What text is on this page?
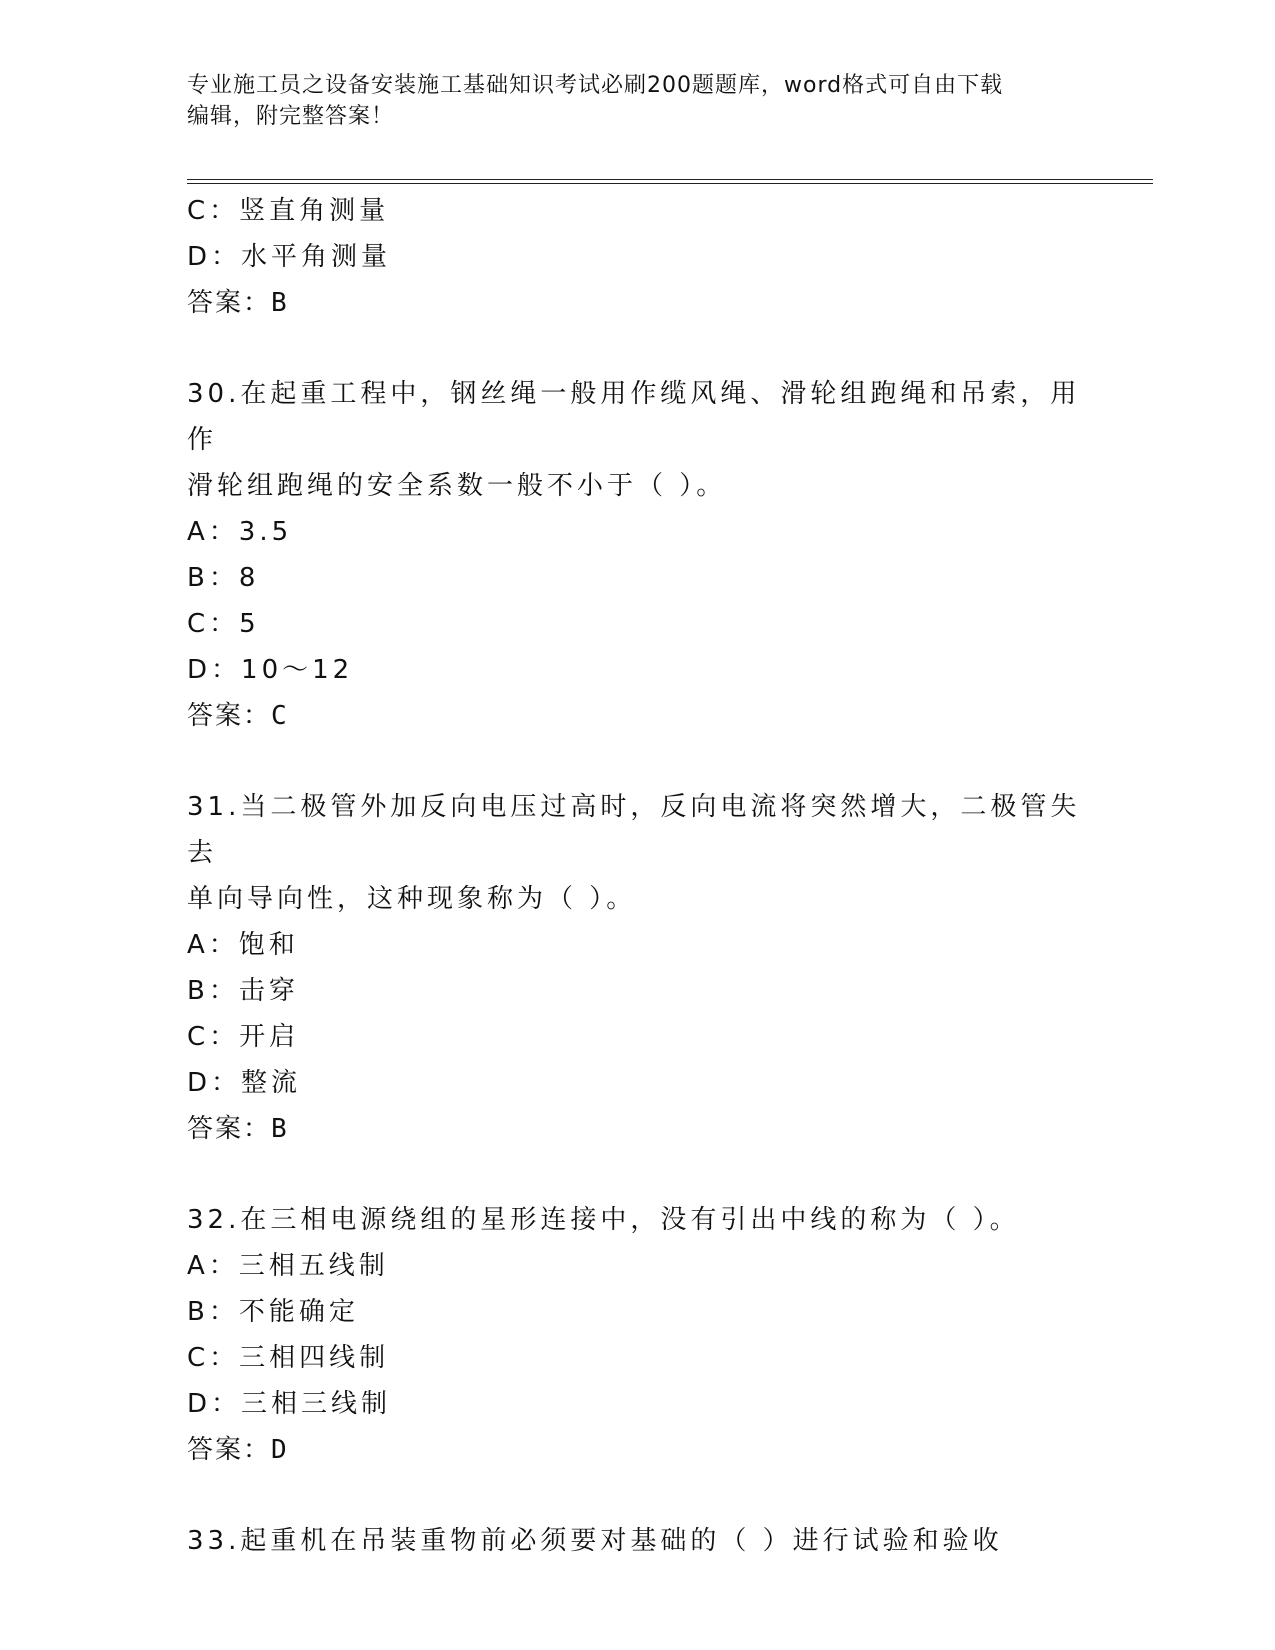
专业施工员之设备安装施工基础知识考试必刷200题题库，word格式可自由下载
编辑，附完整答案！
C：竖直角测量
D：水平角测量
答案：B
30.在起重工程中，钢丝绳一般用作缆风绳、滑轮组跑绳和吊索，用作
滑轮组跑绳的安全系数一般不小于（ ）。
A：3.5
B：8
C：5
D：10～12
答案：C
31.当二极管外加反向电压过高时，反向电流将突然增大，二极管失去
单向导向性，这种现象称为（ ）。
A：饱和
B：击穿
C：开启
D：整流
答案：B
32.在三相电源绕组的星形连接中，没有引出中线的称为（ ）。
A：三相五线制
B：不能确定
C：三相四线制
D：三相三线制
答案：D
33.起重机在吊装重物前必须要对基础的（ ）进行试验和验收
